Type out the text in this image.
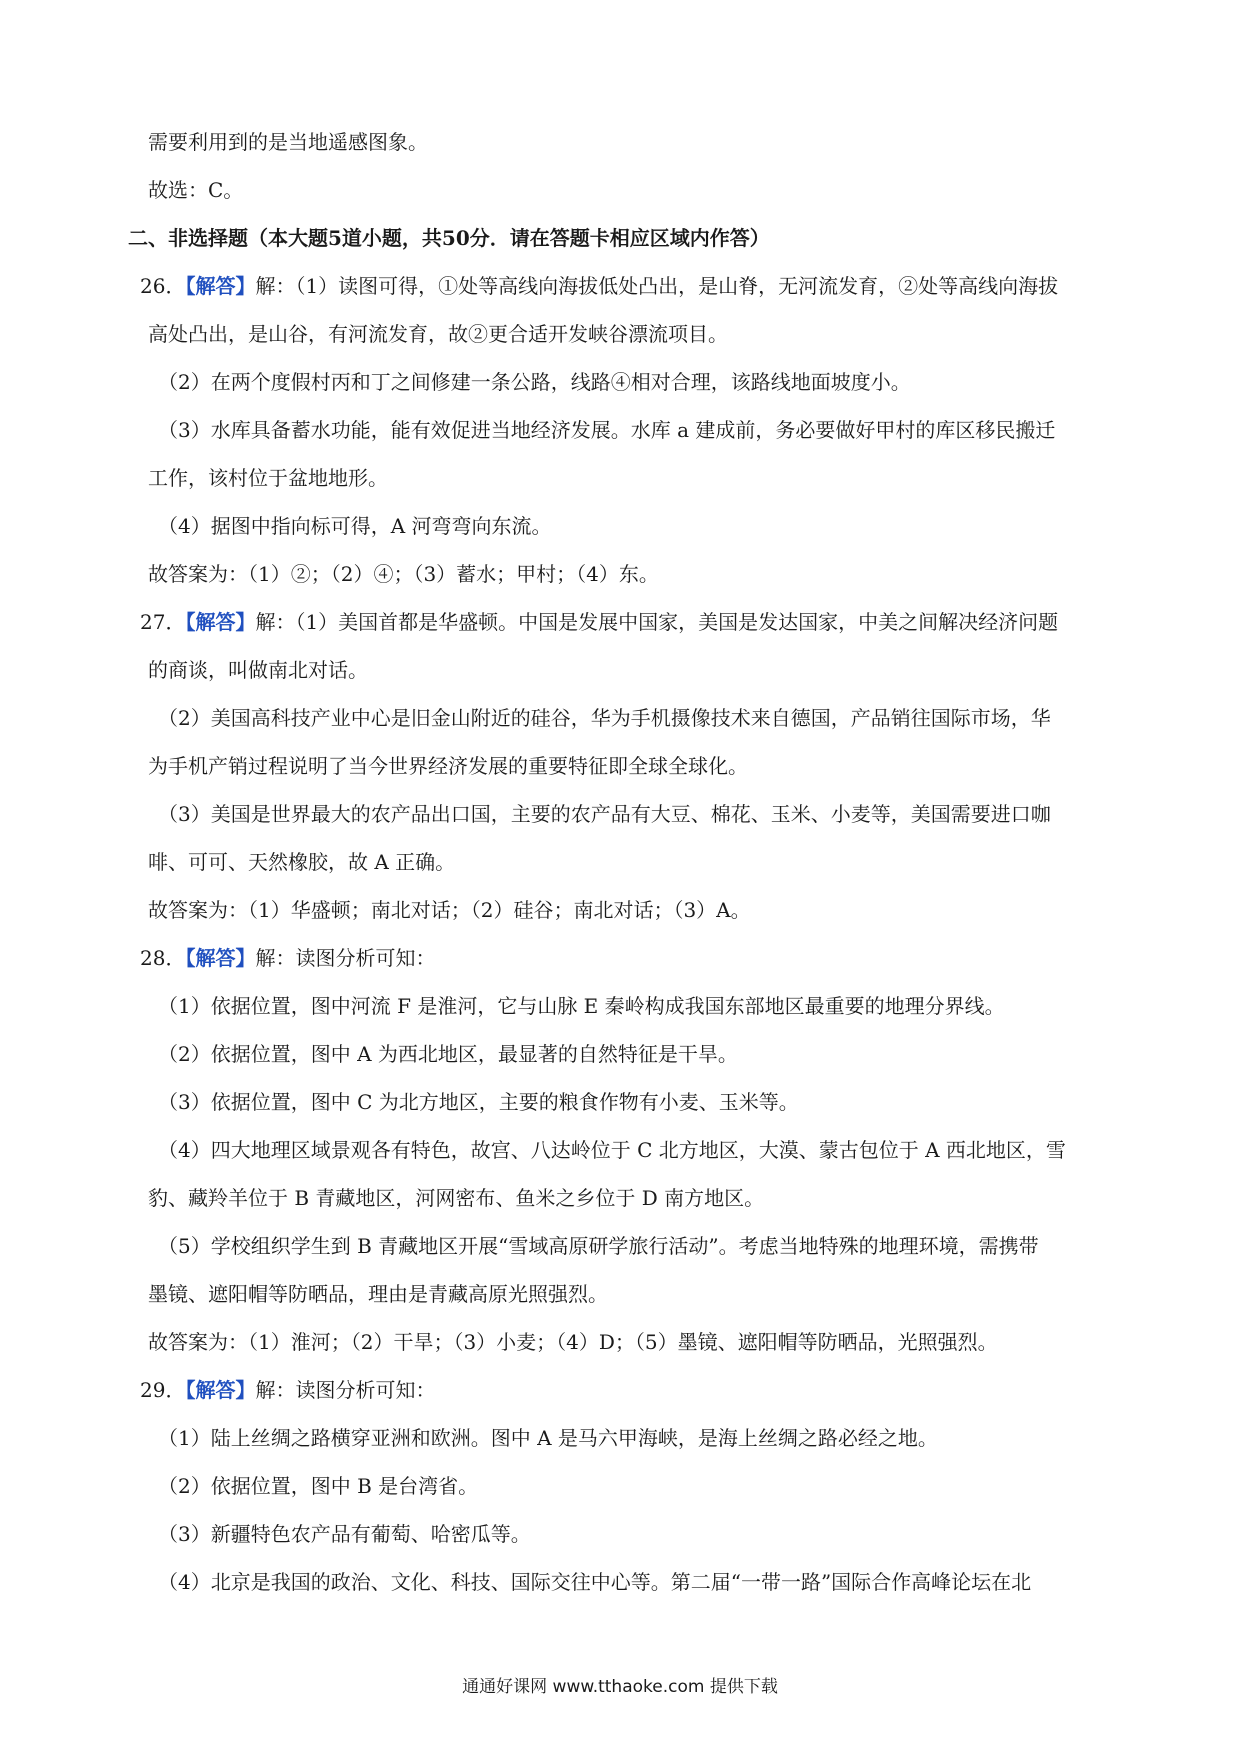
需要利用到的是当地遥感图象。
故选：C。
二、非选择题（本大题5道小题，共50分．请在答题卡相应区域内作答）
26．【解答】解：（1）读图可得，①处等高线向海拔低处凸出，是山脊，无河流发育，②处等高线向海拔
高处凸出，是山谷，有河流发育，故②更合适开发峡谷漂流项目。
（2）在两个度假村丙和丁之间修建一条公路，线路④相对合理，该路线地面坡度小。
（3）水库具备蓄水功能，能有效促进当地经济发展。水库 a 建成前，务必要做好甲村的库区移民搬迁
工作，该村位于盆地地形。
（4）据图中指向标可得，A 河弯弯向东流。
故答案为：（1）②；（2）④；（3）蓄水；甲村；（4）东。
27．【解答】解：（1）美国首都是华盛顿。中国是发展中国家，美国是发达国家，中美之间解决经济问题
的商谈，叫做南北对话。
（2）美国高科技产业中心是旧金山附近的硅谷，华为手机摄像技术来自德国，产品销往国际市场，华
为手机产销过程说明了当今世界经济发展的重要特征即全球全球化。
（3）美国是世界最大的农产品出口国，主要的农产品有大豆、棉花、玉米、小麦等，美国需要进口咖
啡、可可、天然橡胶，故 A 正确。
故答案为：（1）华盛顿；南北对话；（2）硅谷；南北对话；（3）A。
28．【解答】解：读图分析可知：
（1）依据位置，图中河流 F 是淮河，它与山脉 E 秦岭构成我国东部地区最重要的地理分界线。
（2）依据位置，图中 A 为西北地区，最显著的自然特征是干旱。
（3）依据位置，图中 C 为北方地区，主要的粮食作物有小麦、玉米等。
（4）四大地理区域景观各有特色，故宫、八达岭位于 C 北方地区，大漠、蒙古包位于 A 西北地区，雪
豹、藏羚羊位于 B 青藏地区，河网密布、鱼米之乡位于 D 南方地区。
（5）学校组织学生到 B 青藏地区开展“雪域高原研学旅行活动”。考虑当地特殊的地理环境，需携带
墨镜、遮阳帽等防晒品，理由是青藏高原光照强烈。
故答案为：（1）淮河；（2）干旱；（3）小麦；（4）D；（5）墨镜、遮阳帽等防晒品，光照强烈。
29．【解答】解：读图分析可知：
（1）陆上丝绸之路横穿亚洲和欧洲。图中 A 是马六甲海峡，是海上丝绸之路必经之地。
（2）依据位置，图中 B 是台湾省。
（3）新疆特色农产品有葡萄、哈密瓜等。
（4）北京是我国的政治、文化、科技、国际交往中心等。第二届“一带一路”国际合作高峰论坛在北
通通好课网 www.tthaoke.com 提供下载
